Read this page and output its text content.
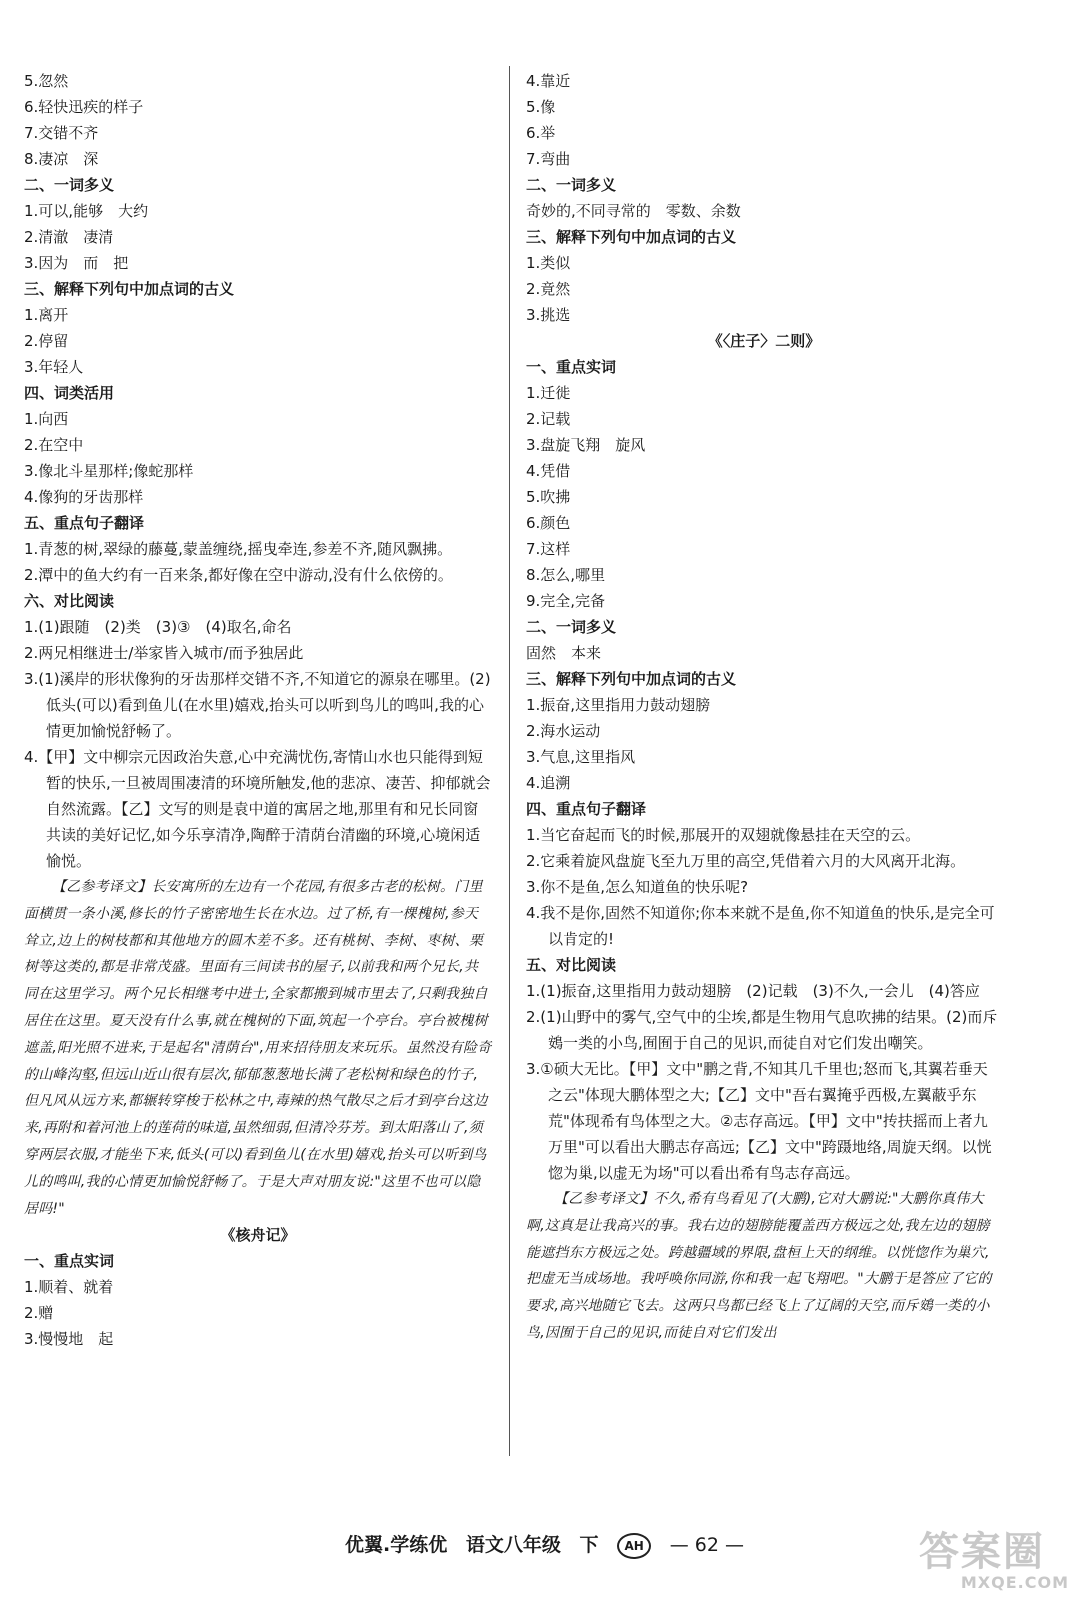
5.忽然
6.轻快迅疾的样子
7.交错不齐
8.凄凉　深
二、一词多义
1.可以,能够　大约
2.清澈　凄清
3.因为　而　把
三、解释下列句中加点词的古义
1.离开
2.停留
3.年轻人
四、词类活用
1.向西
2.在空中
3.像北斗星那样;像蛇那样
4.像狗的牙齿那样
五、重点句子翻译
1.青葱的树,翠绿的藤蔓,蒙盖缠绕,摇曳牵连,参差不齐,随风飘拂。
2.潭中的鱼大约有一百来条,都好像在空中游动,没有什么依傍的。
六、对比阅读
1.(1)跟随　(2)类　(3)③　(4)取名,命名
2.两兄相继进士/举家皆入城市/而予独居此
3.(1)溪岸的形状像狗的牙齿那样交错不齐,不知道它的源泉在哪里。(2)低头(可以)看到鱼儿(在水里)嬉戏,抬头可以听到鸟儿的鸣叫,我的心情更加愉悦舒畅了。
4.【甲】文中柳宗元因政治失意,心中充满忧伤,寄情山水也只能得到短暂的快乐,一旦被周围凄清的环境所触发,他的悲凉、凄苦、抑郁就会自然流露。【乙】文写的则是袁中道的寓居之地,那里有和兄长同窗共读的美好记忆,如今乐享清净,陶醉于清荫台清幽的环境,心境闲适愉悦。
【乙参考译文】长安寓所的左边有一个花园,有很多古老的松树。门里面横贯一条小溪,修长的竹子密密地生长在水边。过了桥,有一棵槐树,参天耸立,边上的树枝都和其他地方的圆木差不多。还有桃树、李树、枣树、栗树等这类的,都是非常茂盛。里面有三间读书的屋子,以前我和两个兄长,共同在这里学习。两个兄长相继考中进士,全家都搬到城市里去了,只剩我独自居住在这里。夏天没有什么事,就在槐树的下面,筑起一个亭台。亭台被槐树遮盖,阳光照不进来,于是起名"清荫台",用来招待朋友来玩乐。虽然没有险奇的山峰沟壑,但远山近山很有层次,郁郁葱葱地长满了老松树和绿色的竹子,但凡风从远方来,都辗转穿梭于松林之中,毒辣的热气散尽之后才到亭台这边来,再附和着河池上的莲荷的味道,虽然细弱,但清冷芬芳。到太阳落山了,须穿两层衣服,才能坐下来,低头(可以)看到鱼儿(在水里)嬉戏,抬头可以听到鸟儿的鸣叫,我的心情更加愉悦舒畅了。于是大声对朋友说:"这里不也可以隐居吗!"
《核舟记》
一、重点实词
1.顺着、就着
2.赠
3.慢慢地　起
4.靠近
5.像
6.举
7.弯曲
二、一词多义
奇妙的,不同寻常的　零数、余数
三、解释下列句中加点词的古义
1.类似
2.竟然
3.挑选
《〈庄子〉二则》
一、重点实词
1.迁徙
2.记载
3.盘旋飞翔　旋风
4.凭借
5.吹拂
6.颜色
7.这样
8.怎么,哪里
9.完全,完备
二、一词多义
固然　本来
三、解释下列句中加点词的古义
1.振奋,这里指用力鼓动翅膀
2.海水运动
3.气息,这里指风
4.追溯
四、重点句子翻译
1.当它奋起而飞的时候,那展开的双翅就像悬挂在天空的云。
2.它乘着旋风盘旋飞至九万里的高空,凭借着六月的大风离开北海。
3.你不是鱼,怎么知道鱼的快乐呢?
4.我不是你,固然不知道你;你本来就不是鱼,你不知道鱼的快乐,是完全可以肯定的!
五、对比阅读
1.(1)振奋,这里指用力鼓动翅膀　(2)记载　(3)不久,一会儿　(4)答应
2.(1)山野中的雾气,空气中的尘埃,都是生物用气息吹拂的结果。(2)而斥鴳一类的小鸟,囿囿于自己的见识,而徒自对它们发出嘲笑。
3.①硕大无比。【甲】文中"鹏之背,不知其几千里也;怒而飞,其翼若垂天之云"体现大鹏体型之大;【乙】文中"吾右翼掩乎西极,左翼蔽乎东荒"体现希有鸟体型之大。②志存高远。【甲】文中"抟扶摇而上者九万里"可以看出大鹏志存高远;【乙】文中"跨蹑地络,周旋天纲。以恍惚为巢,以虚无为场"可以看出希有鸟志存高远。
【乙参考译文】不久,希有鸟看见了(大鹏),它对大鹏说:"大鹏你真伟大啊,这真是让我高兴的事。我右边的翅膀能覆盖西方极远之处,我左边的翅膀能遮挡东方极远之处。跨越疆域的界限,盘桓上天的纲维。以恍惚作为巢穴,把虚无当成场地。我呼唤你同游,你和我一起飞翔吧。"大鹏于是答应了它的要求,高兴地随它飞去。这两只鸟都已经飞上了辽阔的天空,而斥鴳一类的小鸟,因囿于自己的见识,而徒自对它们发出
优翼.学练优 语文八年级 下 AH — 62 —	答案圈
MXQE.COM
